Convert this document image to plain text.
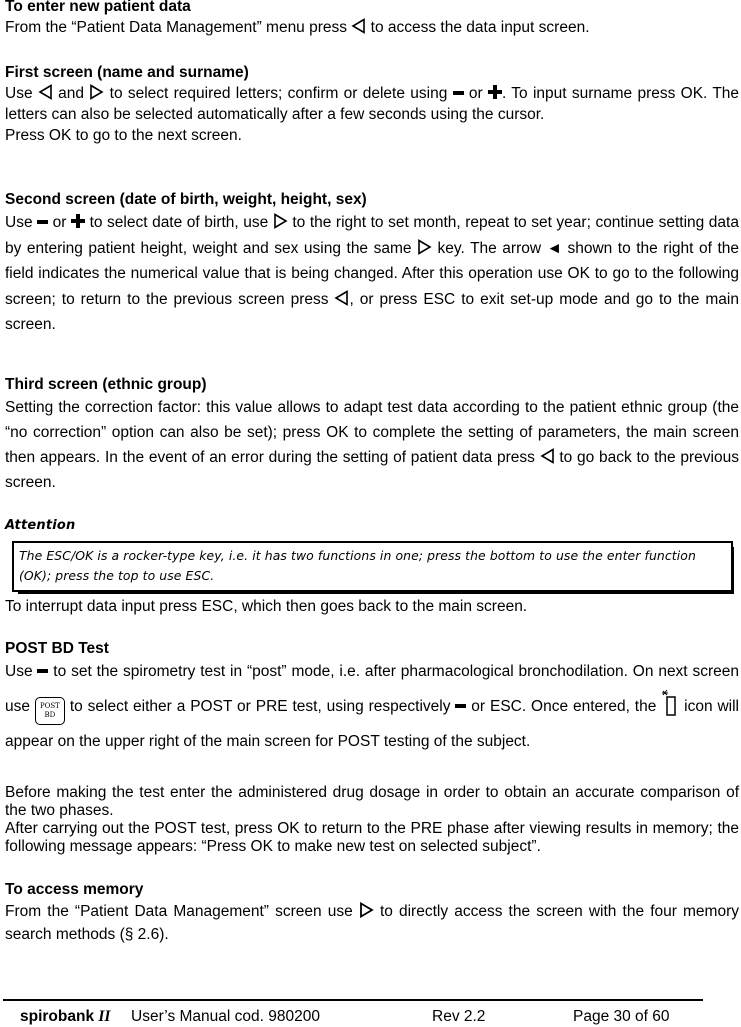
To enter new patient data

From the “Patient Data Management” menu press to access the data input screen.

First screen (name and surname)

Use and to select required letters; confirm or delete using or . To input surname press OK. The letters can also be selected automatically after a few seconds using the cursor.

Press OK to go to the next screen.

Second screen (date of birth, weight, height, sex)

Use or to select date of birth, use to the right to set month, repeat to set year; continue setting data by entering patient height, weight and sex using the same key. The arrow ◄ shown to the right of the field indicates the numerical value that is being changed. After this operation use OK to go to the following screen; to return to the previous screen press , or press ESC to exit set-up mode and go to the main screen.

Third screen (ethnic group)

Setting the correction factor: this value allows to adapt test data according to the patient ethnic group (the “no correction” option can also be set); press OK to complete the setting of parameters, the main screen then appears. In the event of an error during the setting of patient data press to go back to the previous screen.

Attention
The ESC/OK is a rocker-type key, i.e. it has two functions in one; press the bottom to use the enter function (OK); press the top to use ESC.

To interrupt data input press ESC, which then goes back to the main screen.

POST BD Test

Use to set the spirometry test in “post” mode, i.e. after pharmacological bronchodilation. On next screen use POST
BD to select either a POST or PRE test, using respectively or ESC. Once entered, the icon will appear on the upper right of the main screen for POST testing of the subject.

Before making the test enter the administered drug dosage in order to obtain an accurate comparison of the two phases.

After carrying out the POST test, press OK to return to the PRE phase after viewing results in memory; the following message appears: “Press OK to make new test on selected subject”.

To access memory

From the “Patient Data Management” screen use to directly access the screen with the four memory search methods (§ 2.6).

spirobank II User’s Manual cod. 980200	Rev 2.2	Page 30 of 60
